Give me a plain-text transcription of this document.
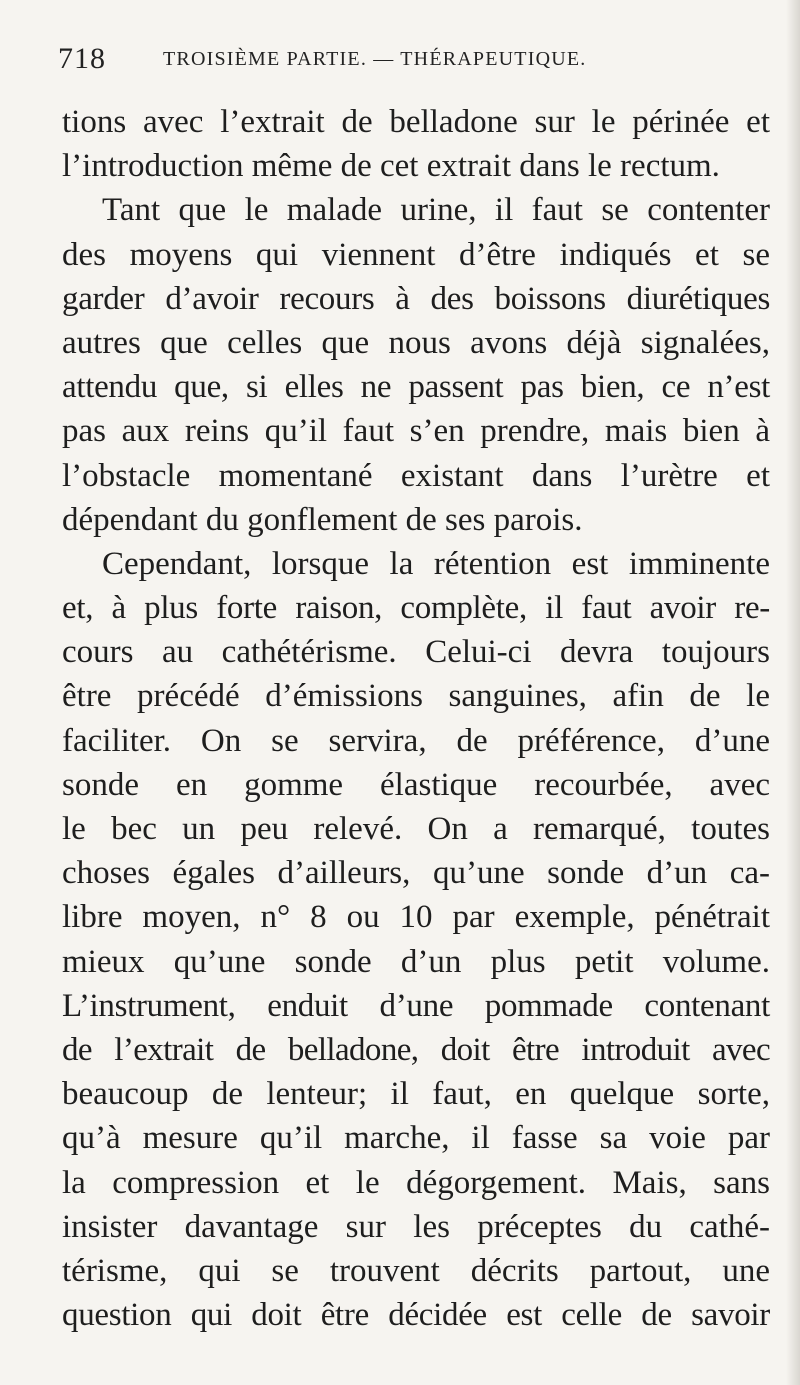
718	TROISIÈME PARTIE. — THÉRAPEUTIQUE.
tions avec l’extrait de belladone sur le périnée et
l’introduction même de cet extrait dans le rectum.
Tant que le malade urine, il faut se contenter
des moyens qui viennent d’être indiqués et se
garder d’avoir recours à des boissons diurétiques
autres que celles que nous avons déjà signalées,
attendu que, si elles ne passent pas bien, ce n’est
pas aux reins qu’il faut s’en prendre, mais bien à
l’obstacle momentané existant dans l’urètre et
dépendant du gonflement de ses parois.
Cependant, lorsque la rétention est imminente
et, à plus forte raison, complète, il faut avoir re-
cours au cathétérisme. Celui-ci devra toujours
être précédé d’émissions sanguines, afin de le
faciliter. On se servira, de préférence, d’une
sonde en gomme élastique recourbée, avec
le bec un peu relevé. On a remarqué, toutes
choses égales d’ailleurs, qu’une sonde d’un ca-
libre moyen, n° 8 ou 10 par exemple, pénétrait
mieux qu’une sonde d’un plus petit volume.
L’instrument, enduit d’une pommade contenant
de l’extrait de belladone, doit être introduit avec
beaucoup de lenteur; il faut, en quelque sorte,
qu’à mesure qu’il marche, il fasse sa voie par
la compression et le dégorgement. Mais, sans
insister davantage sur les préceptes du cathé-
térisme, qui se trouvent décrits partout, une
question qui doit être décidée est celle de savoir
